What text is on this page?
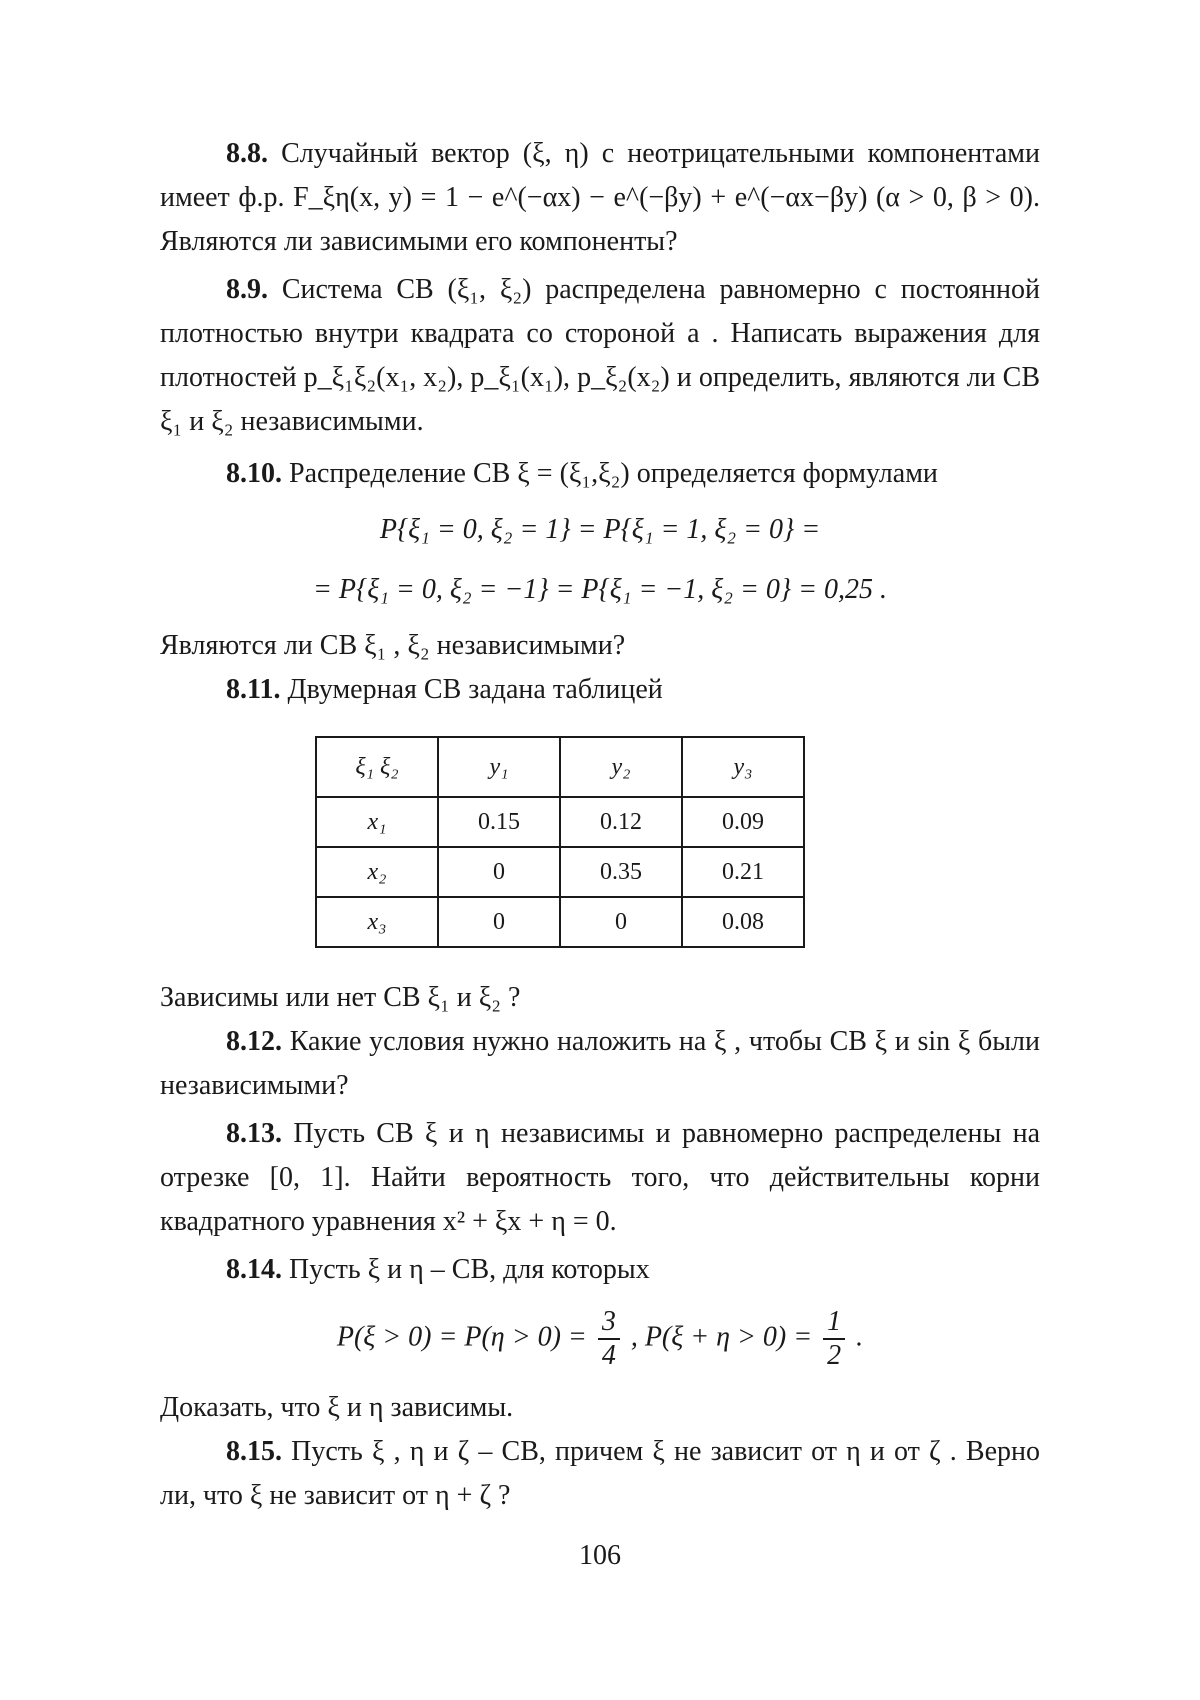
8.8. Случайный вектор (ξ, η) с неотрицательными компонентами имеет ф.р. F_ξη(x, y) = 1 − e^(−αx) − e^(−βy) + e^(−αx−βy) (α > 0, β > 0). Являются ли зависимыми его компоненты?

8.9. Система СВ (ξ₁, ξ₂) распределена равномерно с постоянной плотностью внутри квадрата со стороной a . Написать выражения для плотностей p_ξ₁ξ₂(x₁, x₂), p_ξ₁(x₁), p_ξ₂(x₂) и определить, являются ли СВ ξ₁ и ξ₂ независимыми.

8.10. Распределение СВ ξ = (ξ₁,ξ₂) определяется формулами

P{ξ₁ = 0, ξ₂ = 1} = P{ξ₁ = 1, ξ₂ = 0} =
= P{ξ₁ = 0, ξ₂ = −1} = P{ξ₁ = −1, ξ₂ = 0} = 0,25 .

Являются ли СВ ξ₁ , ξ₂ независимыми?

8.11. Двумерная СВ задана таблицей

ξ₁ ξ₂	y₁	y₂	y₃
x₁	0.15	0.12	0.09
x₂	0	0.35	0.21
x₃	0	0	0.08

Зависимы или нет СВ ξ₁ и ξ₂ ?

8.12. Какие условия нужно наложить на ξ , чтобы СВ ξ и sin ξ были независимыми?

8.13. Пусть СВ ξ и η независимы и равномерно распределены на отрезке [0, 1]. Найти вероятность того, что действительны корни квадратного уравнения x² + ξx + η = 0.

8.14. Пусть ξ и η – СВ, для которых

$P(\xi > 0) = P(\eta > 0) = \frac{3}{4}$ , $P(\xi + \eta > 0) = \frac{1}{2}$ .

Доказать, что ξ и η зависимы.

8.15. Пусть ξ , η и ζ – СВ, причем ξ не зависит от η и от ζ . Верно ли, что ξ не зависит от η + ζ ?

106
